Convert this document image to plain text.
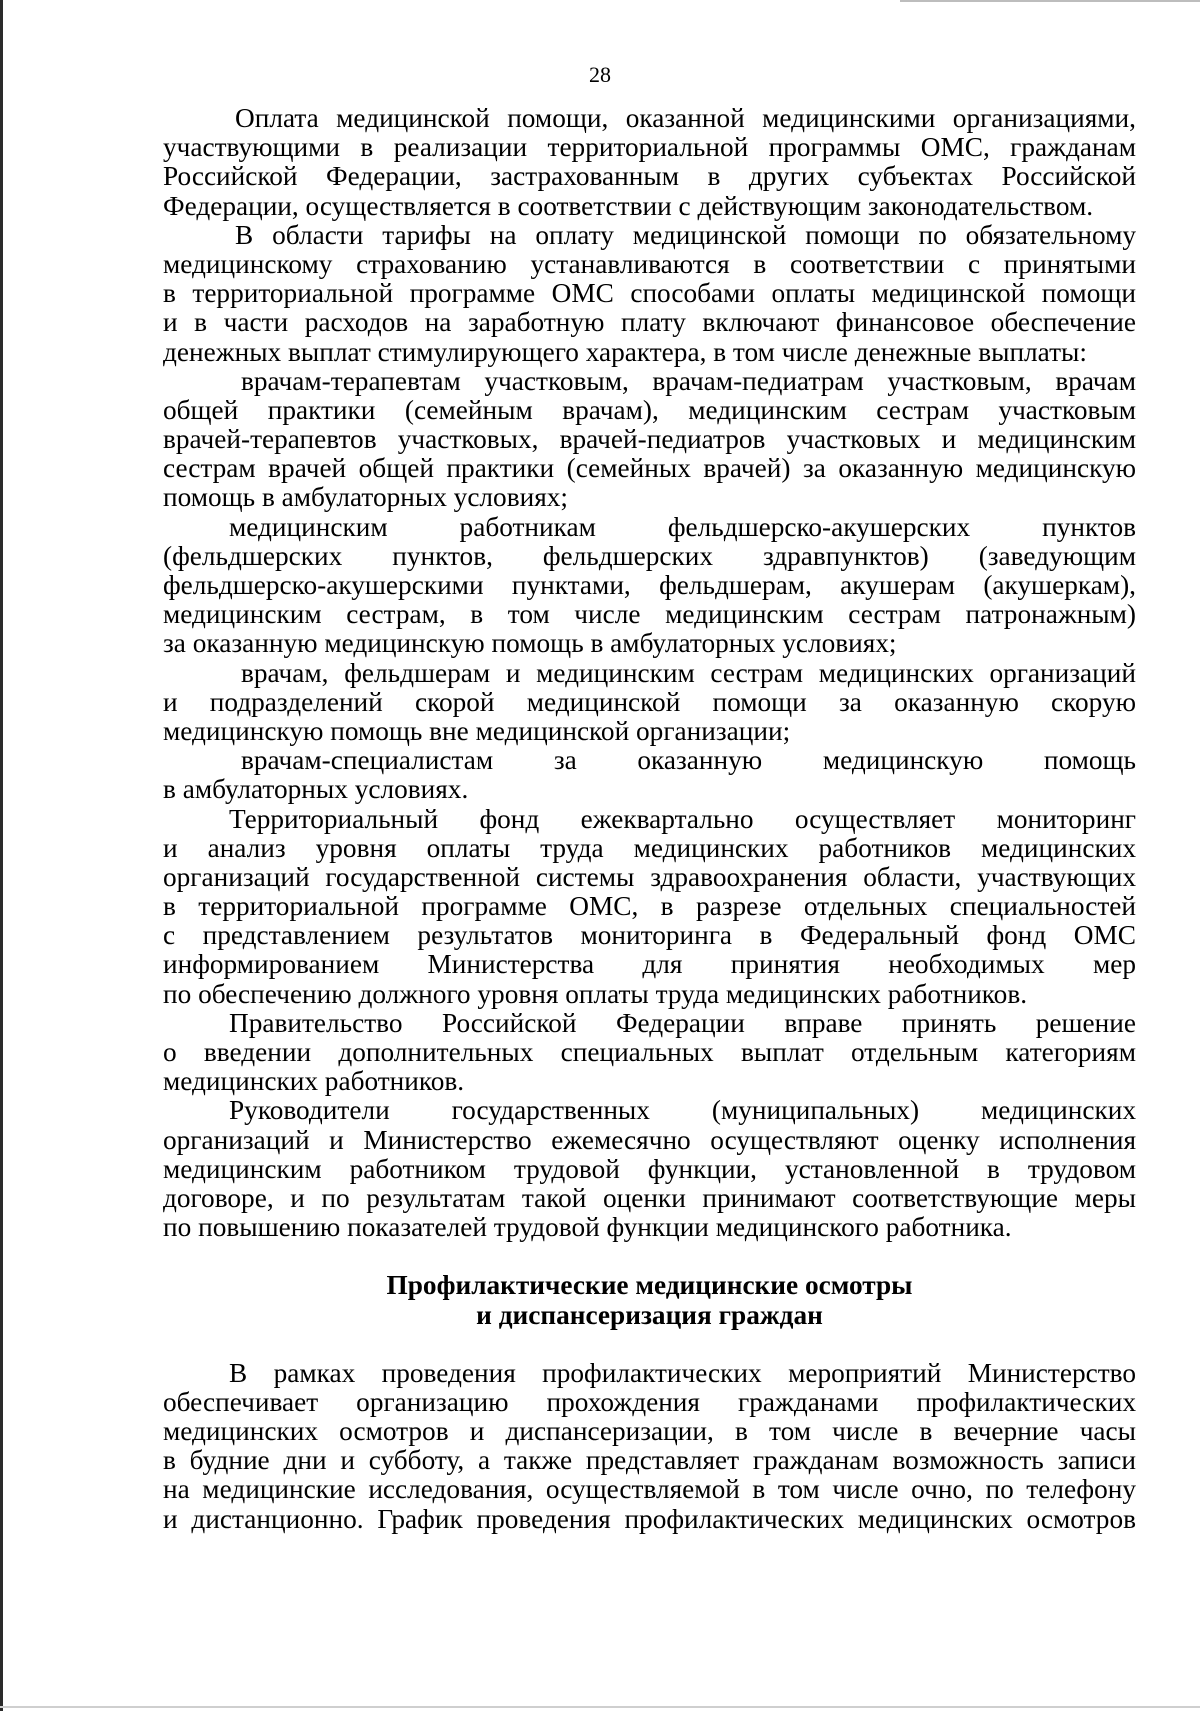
28
Оплата медицинской помощи, оказанной медицинскими организациями,
участвующими в реализации территориальной программы ОМС, гражданам
Российской Федерации, застрахованным в других субъектах Российской
Федерации, осуществляется в соответствии с действующим законодательством.
В области тарифы на оплату медицинской помощи по обязательному
медицинскому страхованию устанавливаются в соответствии с принятыми
в территориальной программе ОМС способами оплаты медицинской помощи
и в части расходов на заработную плату включают финансовое обеспечение
денежных выплат стимулирующего характера, в том числе денежные выплаты:
врачам-терапевтам участковым, врачам-педиатрам участковым, врачам
общей практики (семейным врачам), медицинским сестрам участковым
врачей-терапевтов участковых, врачей-педиатров участковых и медицинским
сестрам врачей общей практики (семейных врачей) за оказанную медицинскую
помощь в амбулаторных условиях;
медицинским работникам фельдшерско-акушерских пунктов
(фельдшерских пунктов, фельдшерских здравпунктов) (заведующим
фельдшерско-акушерскими пунктами, фельдшерам, акушерам (акушеркам),
медицинским сестрам, в том числе медицинским сестрам патронажным)
за оказанную медицинскую помощь в амбулаторных условиях;
врачам, фельдшерам и медицинским сестрам медицинских организаций
и подразделений скорой медицинской помощи за оказанную скорую
медицинскую помощь вне медицинской организации;
врачам-специалистам за оказанную медицинскую помощь
в амбулаторных условиях.
Территориальный фонд ежеквартально осуществляет мониторинг
и анализ уровня оплаты труда медицинских работников медицинских
организаций государственной системы здравоохранения области, участвующих
в территориальной программе ОМС, в разрезе отдельных специальностей
с представлением результатов мониторинга в Федеральный фонд ОМС
информированием Министерства для принятия необходимых мер
по обеспечению должного уровня оплаты труда медицинских работников.
Правительство Российской Федерации вправе принять решение
о введении дополнительных специальных выплат отдельным категориям
медицинских работников.
Руководители государственных (муниципальных) медицинских
организаций и Министерство ежемесячно осуществляют оценку исполнения
медицинским работником трудовой функции, установленной в трудовом
договоре, и по результатам такой оценки принимают соответствующие меры
по повышению показателей трудовой функции медицинского работника.
Профилактические медицинские осмотры
и диспансеризация граждан
В рамках проведения профилактических мероприятий Министерство
обеспечивает организацию прохождения гражданами профилактических
медицинских осмотров и диспансеризации, в том числе в вечерние часы
в будние дни и субботу, а также представляет гражданам возможность записи
на медицинские исследования, осуществляемой в том числе очно, по телефону
и дистанционно. График проведения профилактических медицинских осмотров
